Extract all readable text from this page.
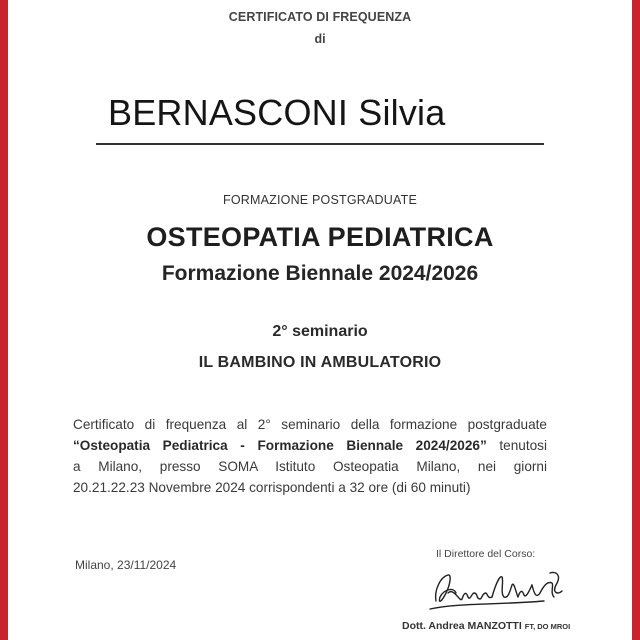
CERTIFICATO DI FREQUENZA
di
BERNASCONI Silvia
FORMAZIONE POSTGRADUATE
OSTEOPATIA PEDIATRICA
Formazione Biennale 2024/2026
2° seminario
IL BAMBINO IN AMBULATORIO

Certificato di frequenza al 2° seminario della formazione postgraduate

“Osteopatia Pediatrica - Formazione Biennale 2024/2026” tenutosi

a Milano, presso SOMA Istituto Osteopatia Milano, nei giorni

20.21.22.23 Novembre 2024 corrispondenti a 32 ore (di 60 minuti)

Milano, 23/11/2024
Il Direttore del Corso:
Dott. Andrea MANZOTTI FT, DO MROI
